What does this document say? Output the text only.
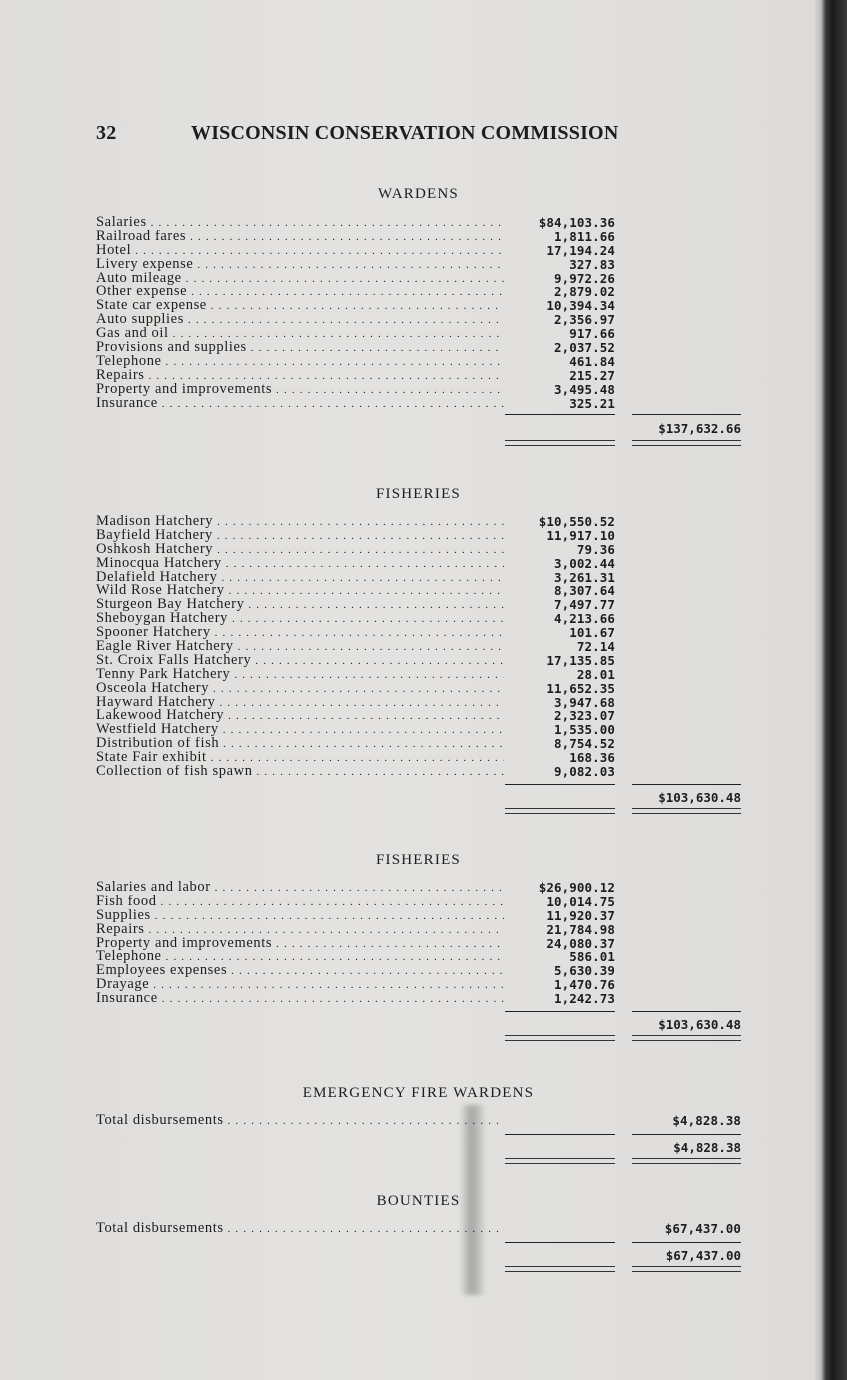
32	WISCONSIN CONSERVATION COMMISSION
WARDENS
Salaries . . .	$84,103.36
Railroad fares . . .	1,811.66
Hotel . . .	17,194.24
Livery expense . . .	327.83
Auto mileage . . .	9,972.26
Other expense . . .	2,879.02
State car expense . . .	10,394.34
Auto supplies . . .	2,356.97
Gas and oil . . .	917.66
Provisions and supplies . . .	2,037.52
Telephone . . .	461.84
Repairs . . .	215.27
Property and improvements . . .	3,495.48
Insurance . . .	325.21
$137,632.66
FISHERIES
Madison Hatchery . . .	$10,550.52
Bayfield Hatchery . . .	11,917.10
Oshkosh Hatchery . . .	79.36
Minocqua Hatchery . . .	3,002.44
Delafield Hatchery . . .	3,261.31
Wild Rose Hatchery . . .	8,307.64
Sturgeon Bay Hatchery . . .	7,497.77
Sheboygan Hatchery . . .	4,213.66
Spooner Hatchery . . .	101.67
Eagle River Hatchery . . .	72.14
St. Croix Falls Hatchery . . .	17,135.85
Tenny Park Hatchery . . .	28.01
Osceola Hatchery . . .	11,652.35
Hayward Hatchery . . .	3,947.68
Lakewood Hatchery . . .	2,323.07
Westfield Hatchery . . .	1,535.00
Distribution of fish . . .	8,754.52
State Fair exhibit . . .	168.36
Collection of fish spawn . . .	9,082.03
$103,630.48
FISHERIES
Salaries and labor . . .	$26,900.12
Fish food . . .	10,014.75
Supplies . . .	11,920.37
Repairs . . .	21,784.98
Property and improvements . . .	24,080.37
Telephone . . .	586.01
Employees expenses . . .	5,630.39
Drayage . . .	1,470.76
Insurance . . .	1,242.73
$103,630.48
EMERGENCY FIRE WARDENS
Total disbursements . . .	$4,828.38
$4,828.38
BOUNTIES
Total disbursements . . .	$67,437.00
$67,437.00
